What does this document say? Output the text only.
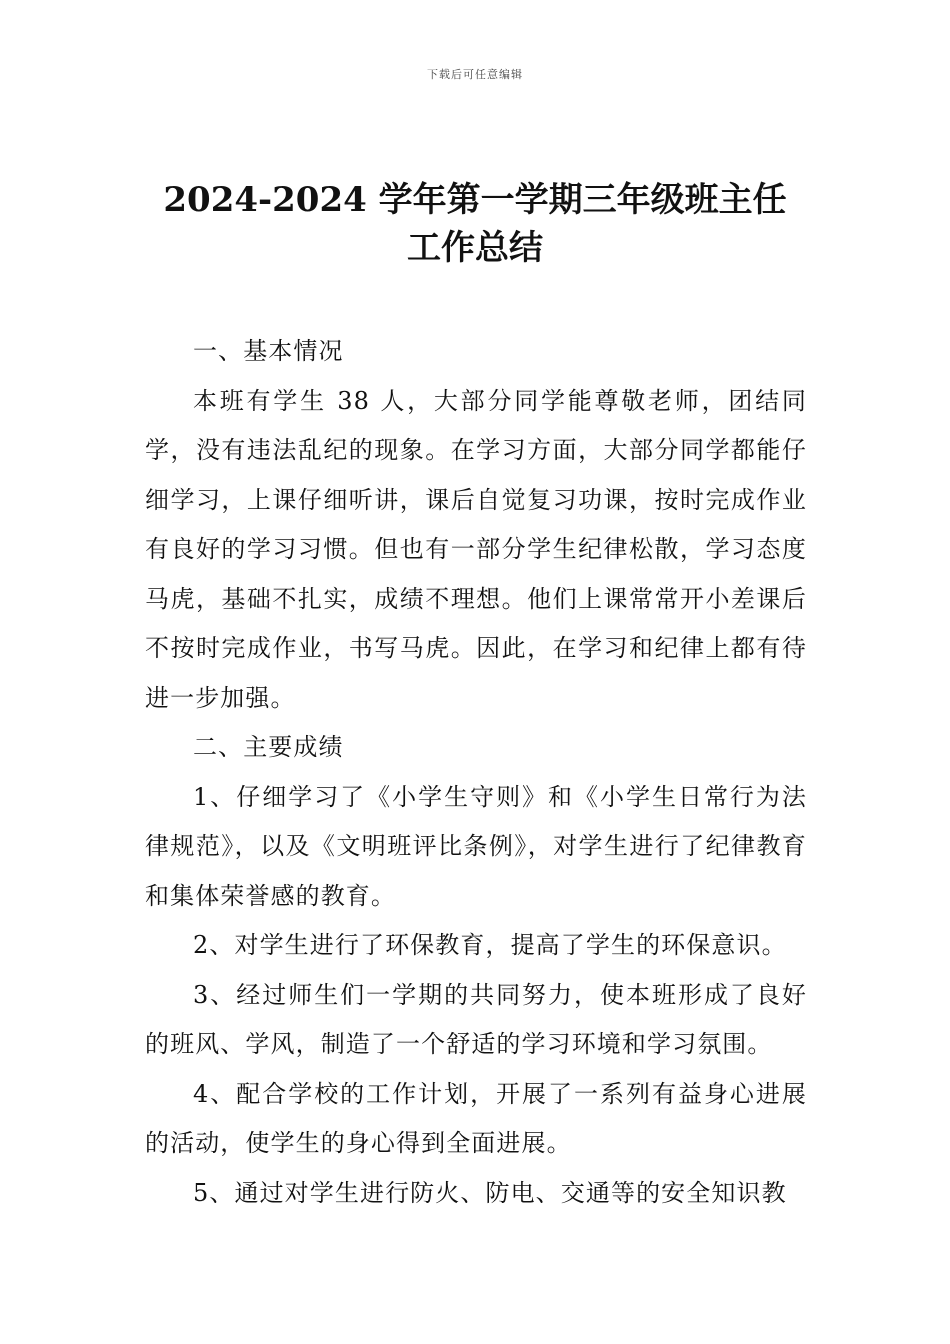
下载后可任意编辑
2024-2024 学年第一学期三年级班主任
工作总结

一、基本情况

本班有学生 38 人，大部分同学能尊敬老师，团结同学，没有违法乱纪的现象。在学习方面，大部分同学都能仔细学习，上课仔细听讲，课后自觉复习功课，按时完成作业有良好的学习习惯。但也有一部分学生纪律松散，学习态度马虎，基础不扎实，成绩不理想。他们上课常常开小差课后不按时完成作业，书写马虎。因此，在学习和纪律上都有待进一步加强。

二、主要成绩

1、仔细学习了《小学生守则》和《小学生日常行为法律规范》，以及《文明班评比条例》，对学生进行了纪律教育和集体荣誉感的教育。

2、对学生进行了环保教育，提高了学生的环保意识。

3、经过师生们一学期的共同努力，使本班形成了良好的班风、学风，制造了一个舒适的学习环境和学习氛围。

4、配合学校的工作计划，开展了一系列有益身心进展的活动，使学生的身心得到全面进展。

5、通过对学生进行防火、防电、交通等的安全知识教
